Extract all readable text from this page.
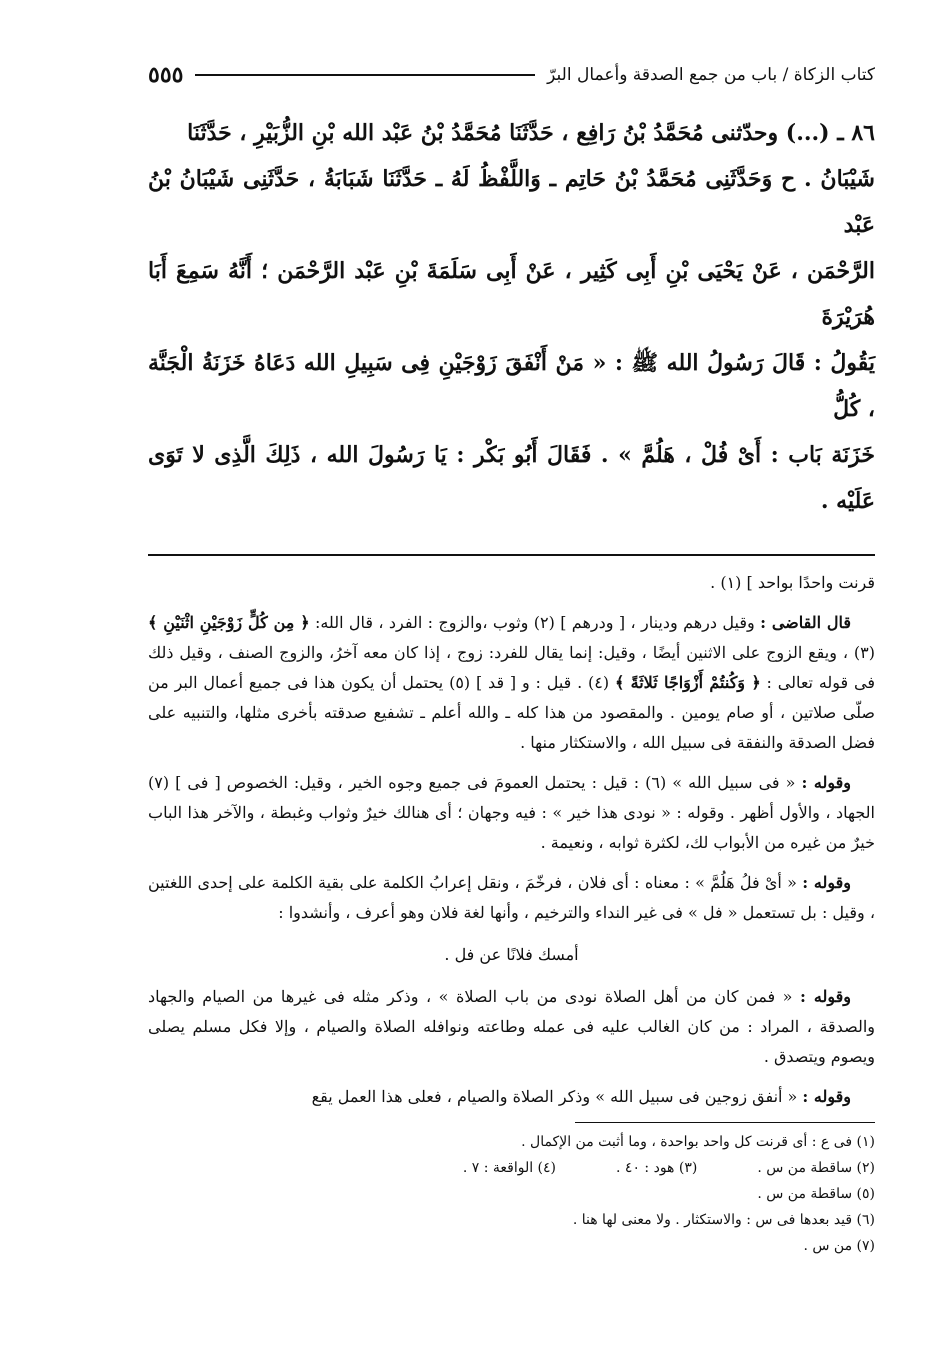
كتاب الزكاة / باب من جمع الصدقة وأعمال البرّ
٥٥٥

٨٦ ـ (...) وحدّثنى مُحَمَّدُ بْنُ رَافِع ، حَدَّثَنَا مُحَمَّدُ بْنُ عَبْد الله بْنِ الزُّبَيْرِ ، حَدَّثَنَا

شَيْبَانُ . ح وَحَدَّثَنِى مُحَمَّدُ بْنُ حَاتِم ـ وَاللَّفْظُ لَهُ ـ حَدَّثَنَا شَبَابَةُ ، حَدَّثَنِى شَيْبَانُ بْنُ عَبْد

الرَّحْمَن ، عَنْ يَحْيَى بْنِ أَبِى كَثِير ، عَنْ أَبِى سَلَمَةَ بْنِ عَبْد الرَّحْمَن ؛ أَنَّهُ سَمِعَ أَبَا هُرَيْرَةَ

يَقُولُ : قَالَ رَسُولُ الله ﷺ : « مَنْ أَنْفَقَ زَوْجَيْنِ فِى سَبِيلِ الله دَعَاهُ خَزَنَةُ الْجَنَّة ، كُلُّ

خَزَنَة بَاب : أَىْ فُلْ ، هَلُمَّ » . فَقَالَ أَبُو بَكْر : يَا رَسُولَ الله ، ذَلِكَ الَّذِى لا تَوَى عَلَيْه .

قرنت واحدًا بواحد ] (١) .

قال القاضى : وقيل درهم ودينار ، [ ودرهم ] (٢) وثوب ،والزوج : الفرد ، قال الله: ﴿ مِن كُلٍّ زَوْجَيْنِ اثْنَيْنِ ﴾ (٣) ، ويقع الزوج على الاثنين أيضًا ، وقيل: إنما يقال للفرد: زوج ، إذا كان معه آخرُ، والزوج الصنف ، وقيل ذلك فى قوله تعالى : ﴿ وَكُنتُمْ أَزْوَاجًا ثَلاثَةً ﴾ (٤) . قيل : و [ قد ] (٥) يحتمل أن يكون هذا فى جميع أعمال البر من صلّى صلاتين ، أو صام يومين . والمقصود من هذا كله ـ والله أعلم ـ تشفيع صدقته بأخرى مثلها، والتنبيه على فضل الصدقة والنفقة فى سبيل الله ، والاستكثار منها .

وقوله : « فى سبيل الله » (٦) : قيل : يحتمل العمومَ فى جميع وجوه الخير ، وقيل: الخصوص [ فى ] (٧) الجهاد ، والأول أظهر . وقوله : « نودى هذا خير » : فيه وجهان ؛ أى هنالك خيرٌ وثواب وغبطة ، والآخر هذا الباب خيرٌ من غيره من الأبواب لك، لكثرة ثوابه ، ونعيمة .

وقوله : « أىْ فلُ هَلُمَّ » : معناه : أى فلان ، فرخّمَ ، ونقل إعرابُ الكلمة على بقية الكلمة على إحدى اللغتين ، وقيل : بل تستعمل « فل » فى غير النداء والترخيم ، وأنها لغة فلان وهو أعرف ، وأنشدوا :

أمسك فلانًا عن فل .

وقوله : « فمن كان من أهل الصلاة نودى من باب الصلاة » ، وذكر مثله فى غيرها من الصيام والجهاد والصدقة ، المراد : من كان الغالب عليه فى عمله وطاعته ونوافله الصلاة والصيام ، وإلا فكل مسلم يصلى ويصوم ويتصدق .

وقوله : « أنفق زوجين فى سبيل الله » وذكر الصلاة والصيام ، فعلى هذا العمل يقع

(١) فى ع : أى قرنت كل واحد بواحدة ، وما أثبت من الإكمال .
(٢) ساقطة من س .
(٣) هود : ٤٠ .
(٤) الواقعة : ٧ .
(٥) ساقطة من س .
(٦) قيد بعدها فى س : والاستكثار . ولا معنى لها هنا .
(٧) من س .
